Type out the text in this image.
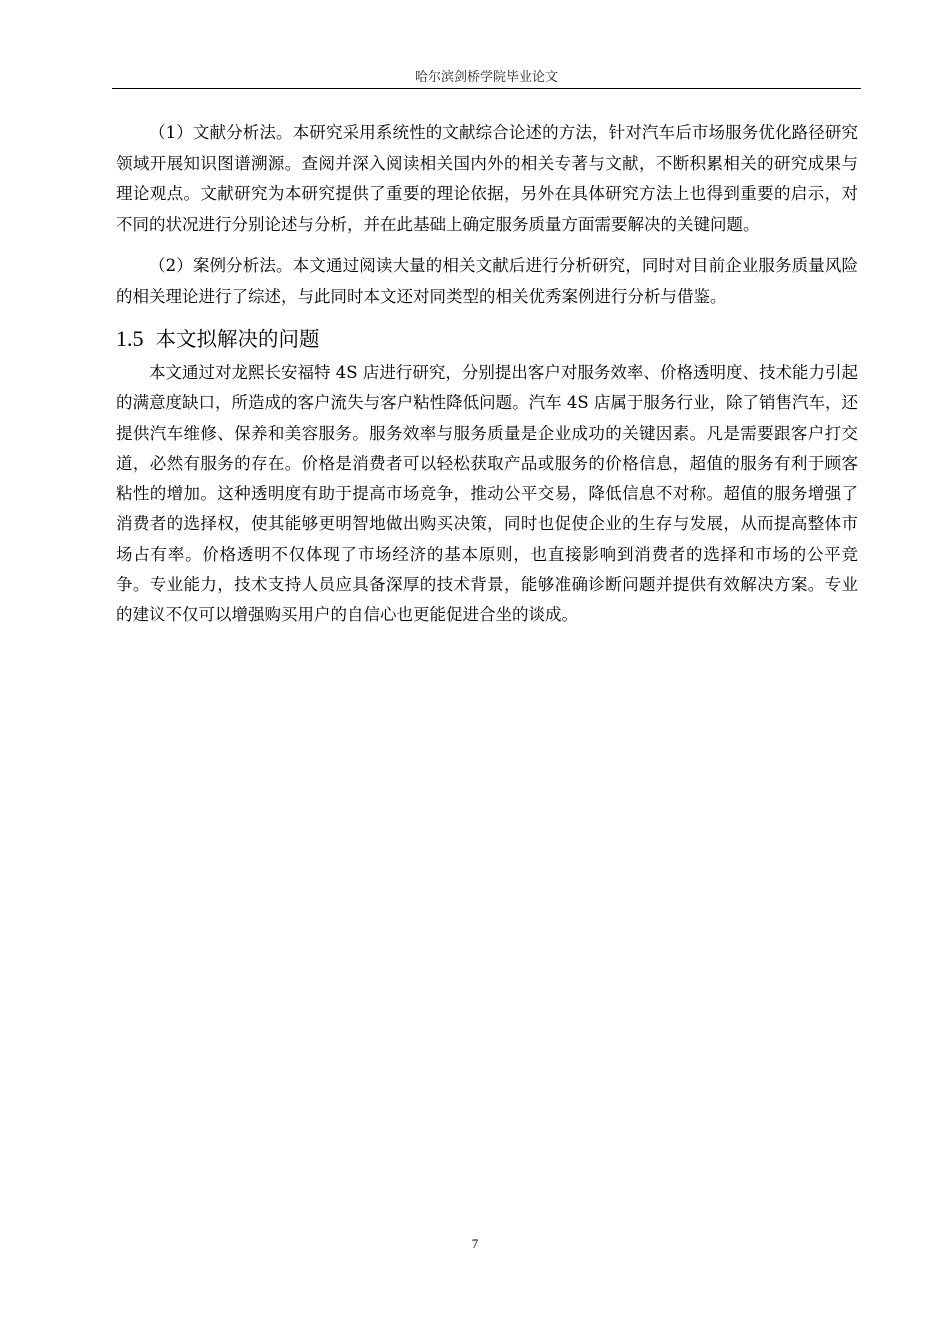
哈尔滨剑桥学院毕业论文

（1）文献分析法。本研究采用系统性的文献综合论述的方法，针对汽车后市场服务优化路径研究领域开展知识图谱溯源。查阅并深入阅读相关国内外的相关专著与文献，不断积累相关的研究成果与理论观点。文献研究为本研究提供了重要的理论依据，另外在具体研究方法上也得到重要的启示，对不同的状况进行分别论述与分析，并在此基础上确定服务质量方面需要解决的关键问题。

（2）案例分析法。本文通过阅读大量的相关文献后进行分析研究，同时对目前企业服务质量风险的相关理论进行了综述，与此同时本文还对同类型的相关优秀案例进行分析与借鉴。

1.5 本文拟解决的问题

本文通过对龙熙长安福特 4S 店进行研究，分别提出客户对服务效率、价格透明度、技术能力引起的满意度缺口，所造成的客户流失与客户粘性降低问题。汽车 4S 店属于服务行业，除了销售汽车，还提供汽车维修、保养和美容服务。服务效率与服务质量是企业成功的关键因素。凡是需要跟客户打交道，必然有服务的存在。价格是消费者可以轻松获取产品或服务的价格信息，超值的服务有利于顾客粘性的增加。这种透明度有助于提高市场竞争，推动公平交易，降低信息不对称。超值的服务增强了消费者的选择权，使其能够更明智地做出购买决策，同时也促使企业的生存与发展，从而提高整体市场占有率。价格透明不仅体现了市场经济的基本原则，也直接影响到消费者的选择和市场的公平竞争。专业能力，技术支持人员应具备深厚的技术背景，能够准确诊断问题并提供有效解决方案。专业的建议不仅可以增强购买用户的自信心也更能促进合坐的谈成。

7
